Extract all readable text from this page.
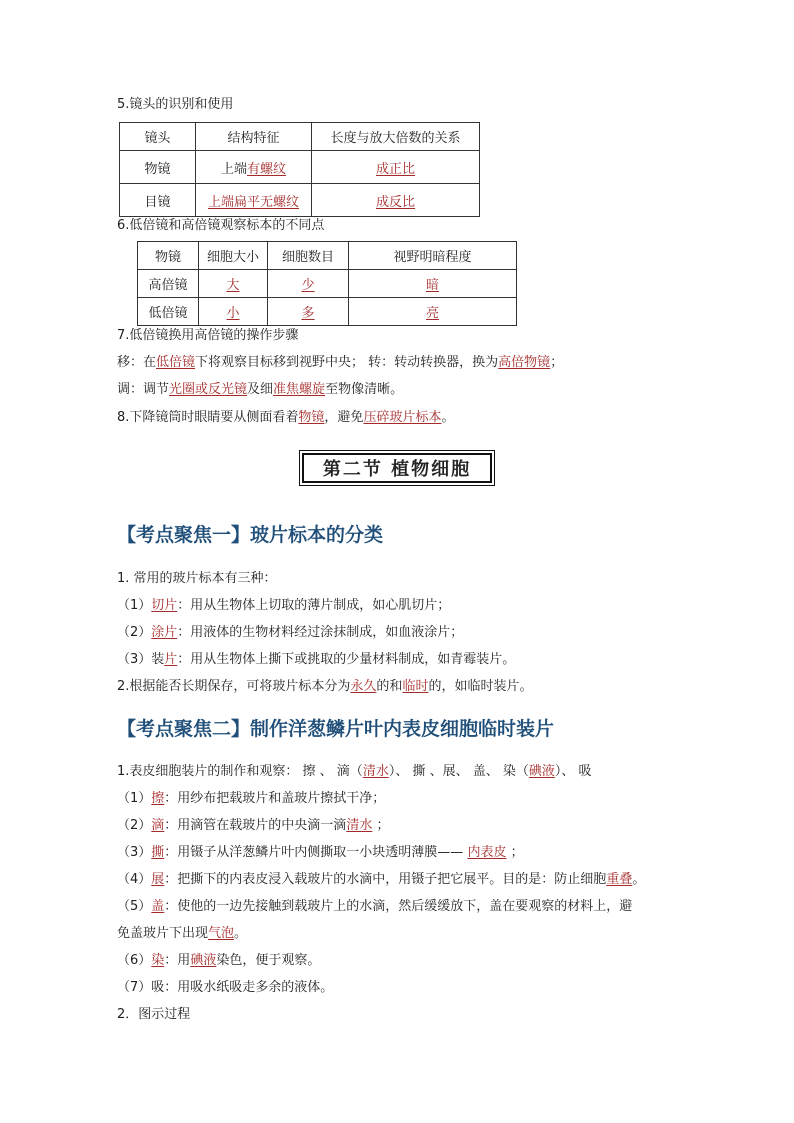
5.镜头的识别和使用
镜头	结构特征	长度与放大倍数的关系
物镜	上端有螺纹	成正比
目镜	上端扁平无螺纹	成反比
6.低倍镜和高倍镜观察标本的不同点
物镜	细胞大小	细胞数目	视野明暗程度
高倍镜	大	少	暗
低倍镜	小	多	亮
7.低倍镜换用高倍镜的操作步骤
移：在低倍镜下将观察目标移到视野中央； 转：转动转换器，换为高倍物镜；
调：调节光圈或反光镜及细准焦螺旋至物像清晰。
8.下降镜筒时眼睛要从侧面看着物镜，避免压碎玻片标本。
第二节 植物细胞
【考点聚焦一】玻片标本的分类
1. 常用的玻片标本有三种：
（1）切片：用从生物体上切取的薄片制成，如心肌切片；
（2）涂片：用液体的生物材料经过涂抹制成，如血液涂片；
（3）装片：用从生物体上撕下或挑取的少量材料制成，如青霉装片。
2.根据能否长期保存，可将玻片标本分为永久的和临时的，如临时装片。
【考点聚焦二】制作洋葱鳞片叶内表皮细胞临时装片
1.表皮细胞装片的制作和观察： 擦 、 滴（清水）、 撕 、展、 盖、 染（碘液）、 吸
（1）擦：用纱布把载玻片和盖玻片擦拭干净；
（2）滴：用滴管在载玻片的中央滴一滴清水 ；
（3）撕：用镊子从洋葱鳞片叶内侧撕取一小块透明薄膜—— 内表皮 ；
（4）展：把撕下的内表皮浸入载玻片的水滴中，用镊子把它展平。目的是：防止细胞重叠。
（5）盖：使他的一边先接触到载玻片上的水滴，然后缓缓放下，盖在要观察的材料上，避
免盖玻片下出现气泡。
（6）染：用碘液染色，便于观察。
（7）吸：用吸水纸吸走多余的液体。
2．图示过程
